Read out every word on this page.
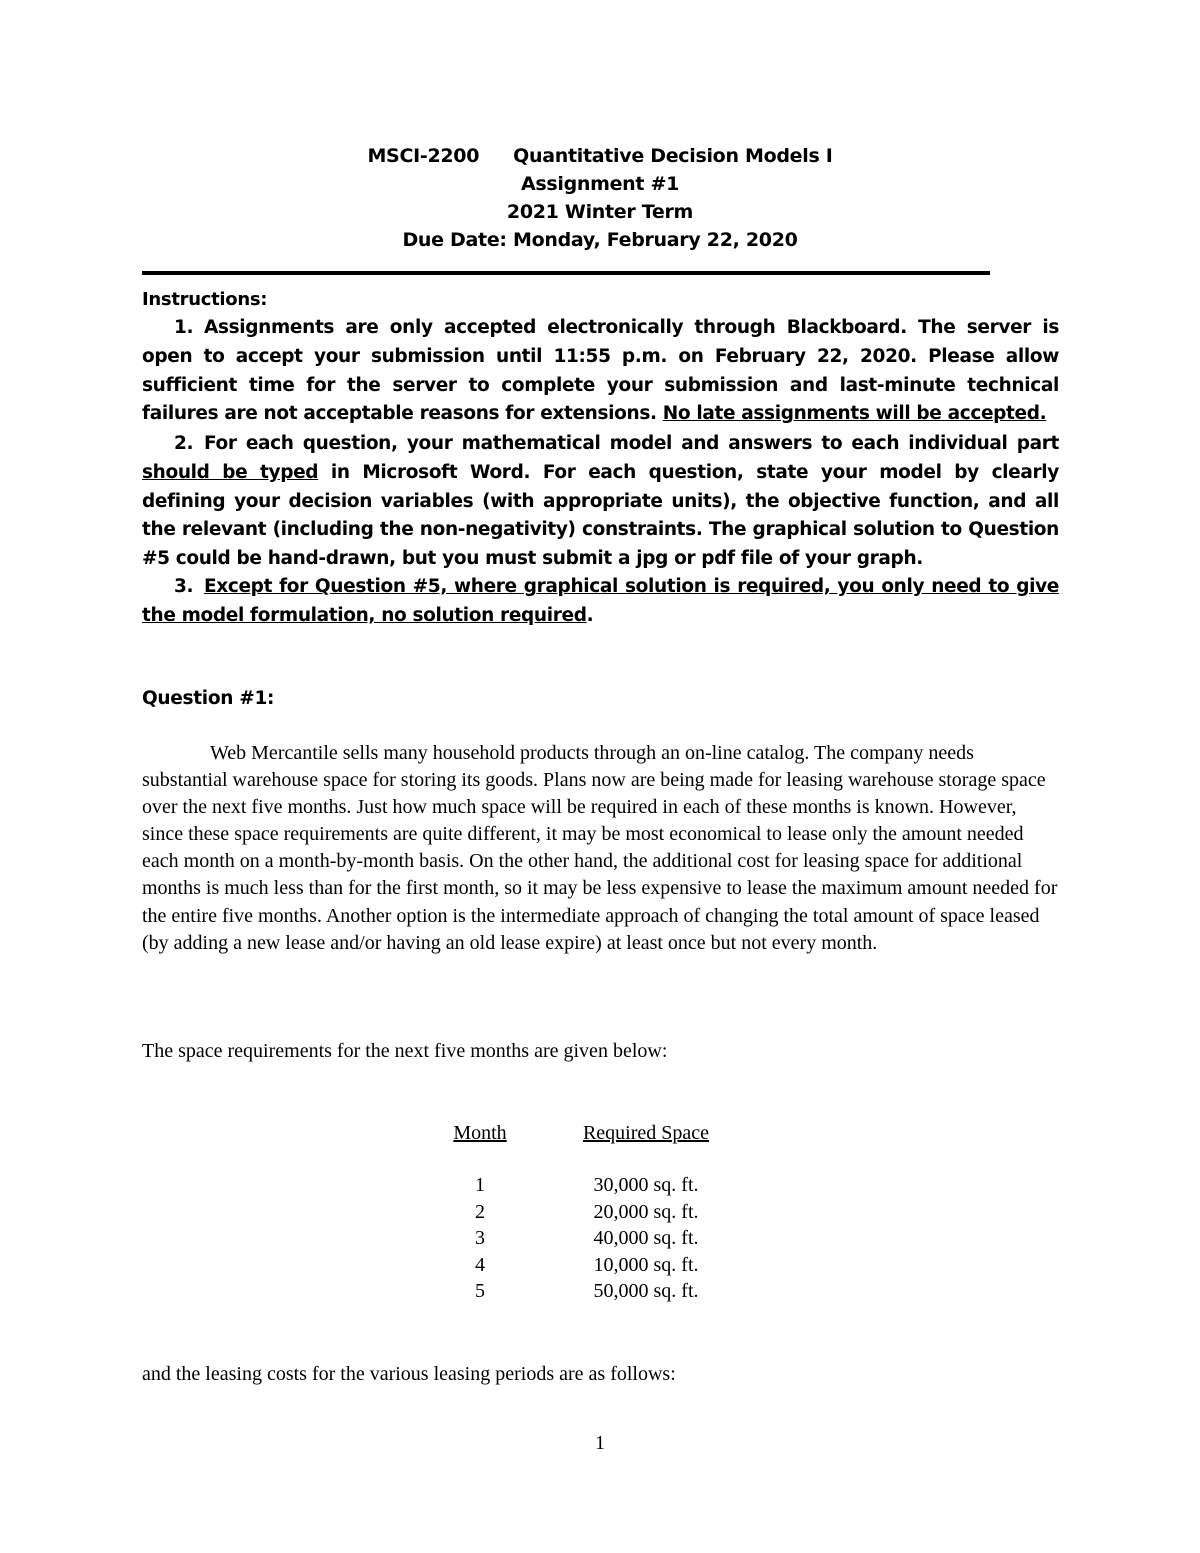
MSCI-2200 Quantitative Decision Models I
Assignment #1
2021 Winter Term
Due Date: Monday, February 22, 2020
Instructions:

1. Assignments are only accepted electronically through Blackboard. The server is open to accept your submission until 11:55 p.m. on February 22, 2020. Please allow sufficient time for the server to complete your submission and last-minute technical failures are not acceptable reasons for extensions. No late assignments will be accepted.

2. For each question, your mathematical model and answers to each individual part should be typed in Microsoft Word. For each question, state your model by clearly defining your decision variables (with appropriate units), the objective function, and all the relevant (including the non-negativity) constraints. The graphical solution to Question #5 could be hand-drawn, but you must submit a jpg or pdf file of your graph.

3. Except for Question #5, where graphical solution is required, you only need to give the model formulation, no solution required.

Question #1:

Web Mercantile sells many household products through an on-line catalog. The company needs substantial warehouse space for storing its goods. Plans now are being made for leasing warehouse storage space over the next five months. Just how much space will be required in each of these months is known. However, since these space requirements are quite different, it may be most economical to lease only the amount needed each month on a month-by-month basis. On the other hand, the additional cost for leasing space for additional months is much less than for the first month, so it may be less expensive to lease the maximum amount needed for the entire five months. Another option is the intermediate approach of changing the total amount of space leased (by adding a new lease and/or having an old lease expire) at least once but not every month.

The space requirements for the next five months are given below:
Month
1
2
3
4
5
Required Space
30,000 sq. ft.
20,000 sq. ft.
40,000 sq. ft.
10,000 sq. ft.
50,000 sq. ft.
and the leasing costs for the various leasing periods are as follows:
1
